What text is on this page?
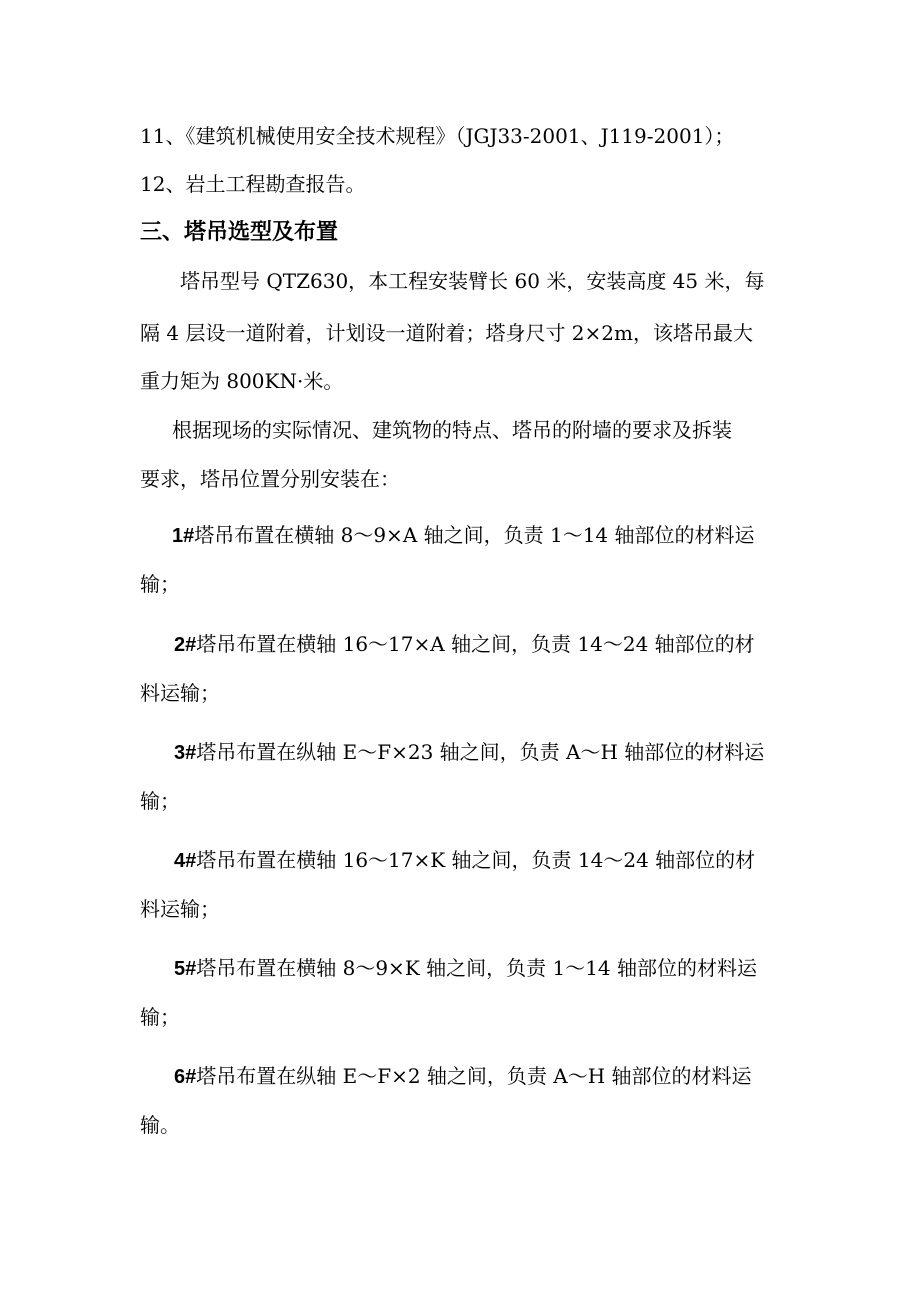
11、《建筑机械使用安全技术规程》（JGJ33-2001、J119-2001）；

12、岩土工程勘查报告。

三、塔吊选型及布置

塔吊型号 QTZ630，本工程安装臂长 60 米，安装高度 45 米，每

隔 4 层设一道附着，计划设一道附着；塔身尺寸 2×2m，该塔吊最大

重力矩为 800KN·米。

根据现场的实际情况、建筑物的特点、塔吊的附墙的要求及拆装

要求，塔吊位置分别安装在：

1#塔吊布置在横轴 8～9×A 轴之间，负责 1～14 轴部位的材料运

输；

2#塔吊布置在横轴 16～17×A 轴之间，负责 14～24 轴部位的材

料运输；

3#塔吊布置在纵轴 E～F×23 轴之间，负责 A～H 轴部位的材料运

输；

4#塔吊布置在横轴 16～17×K 轴之间，负责 14～24 轴部位的材

料运输；

5#塔吊布置在横轴 8～9×K 轴之间，负责 1～14 轴部位的材料运

输；

6#塔吊布置在纵轴 E～F×2 轴之间，负责 A～H 轴部位的材料运

输。
